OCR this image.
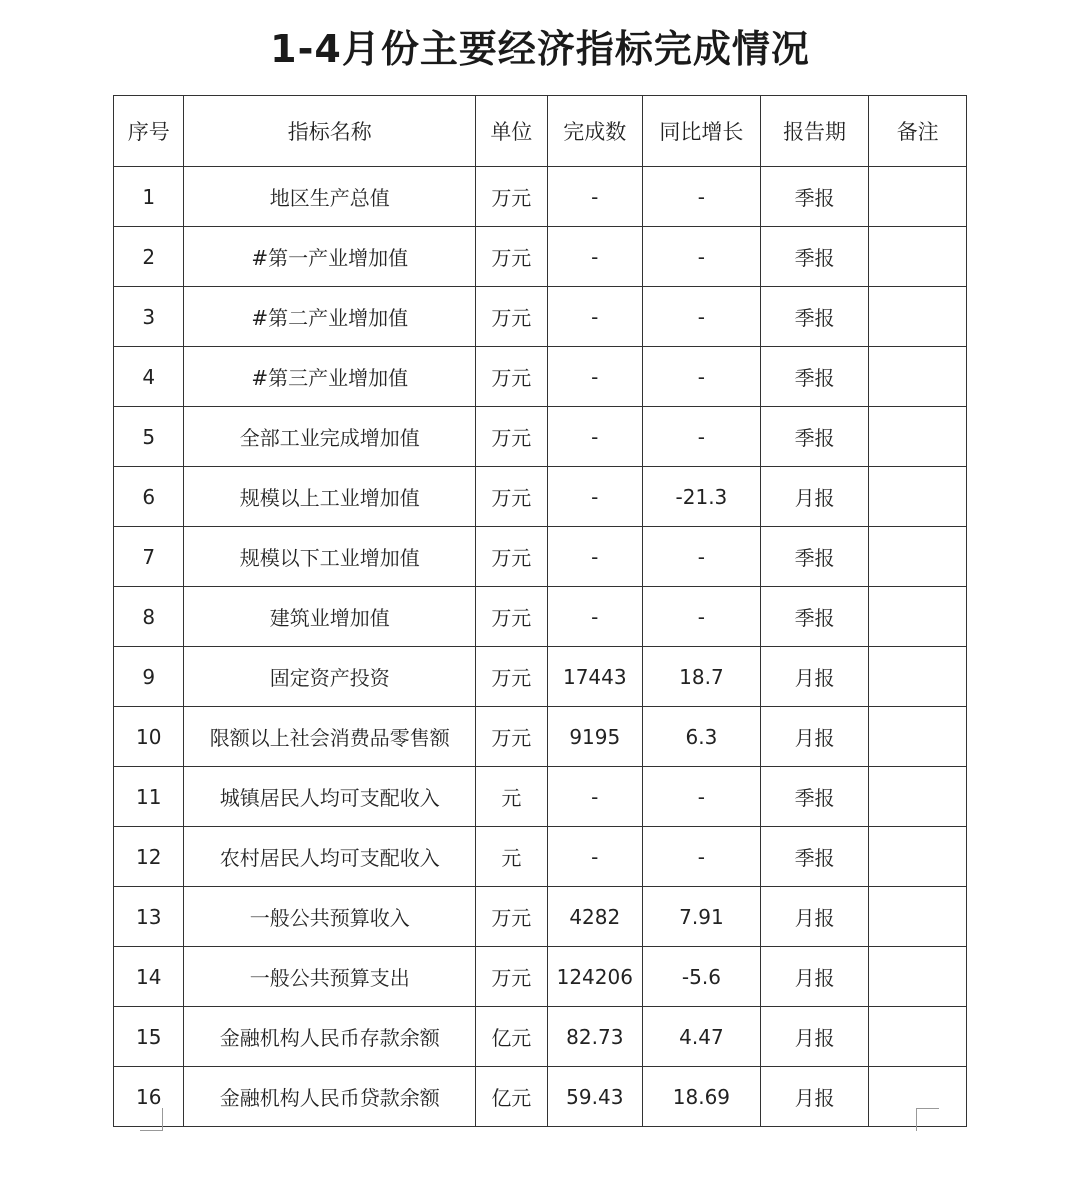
1-4月份主要经济指标完成情况
序号	指标名称	单位	完成数	同比增长	报告期	备注
1	地区生产总值	万元	-	-	季报	
2	#第一产业增加值	万元	-	-	季报	
3	#第二产业增加值	万元	-	-	季报	
4	#第三产业增加值	万元	-	-	季报	
5	全部工业完成增加值	万元	-	-	季报	
6	规模以上工业增加值	万元	-	-21.3	月报	
7	规模以下工业增加值	万元	-	-	季报	
8	建筑业增加值	万元	-	-	季报	
9	固定资产投资	万元	17443	18.7	月报	
10	限额以上社会消费品零售额	万元	9195	6.3	月报	
11	城镇居民人均可支配收入	元	-	-	季报	
12	农村居民人均可支配收入	元	-	-	季报	
13	一般公共预算收入	万元	4282	7.91	月报	
14	一般公共预算支出	万元	124206	-5.6	月报	
15	金融机构人民币存款余额	亿元	82.73	4.47	月报	
16	金融机构人民币贷款余额	亿元	59.43	18.69	月报	
